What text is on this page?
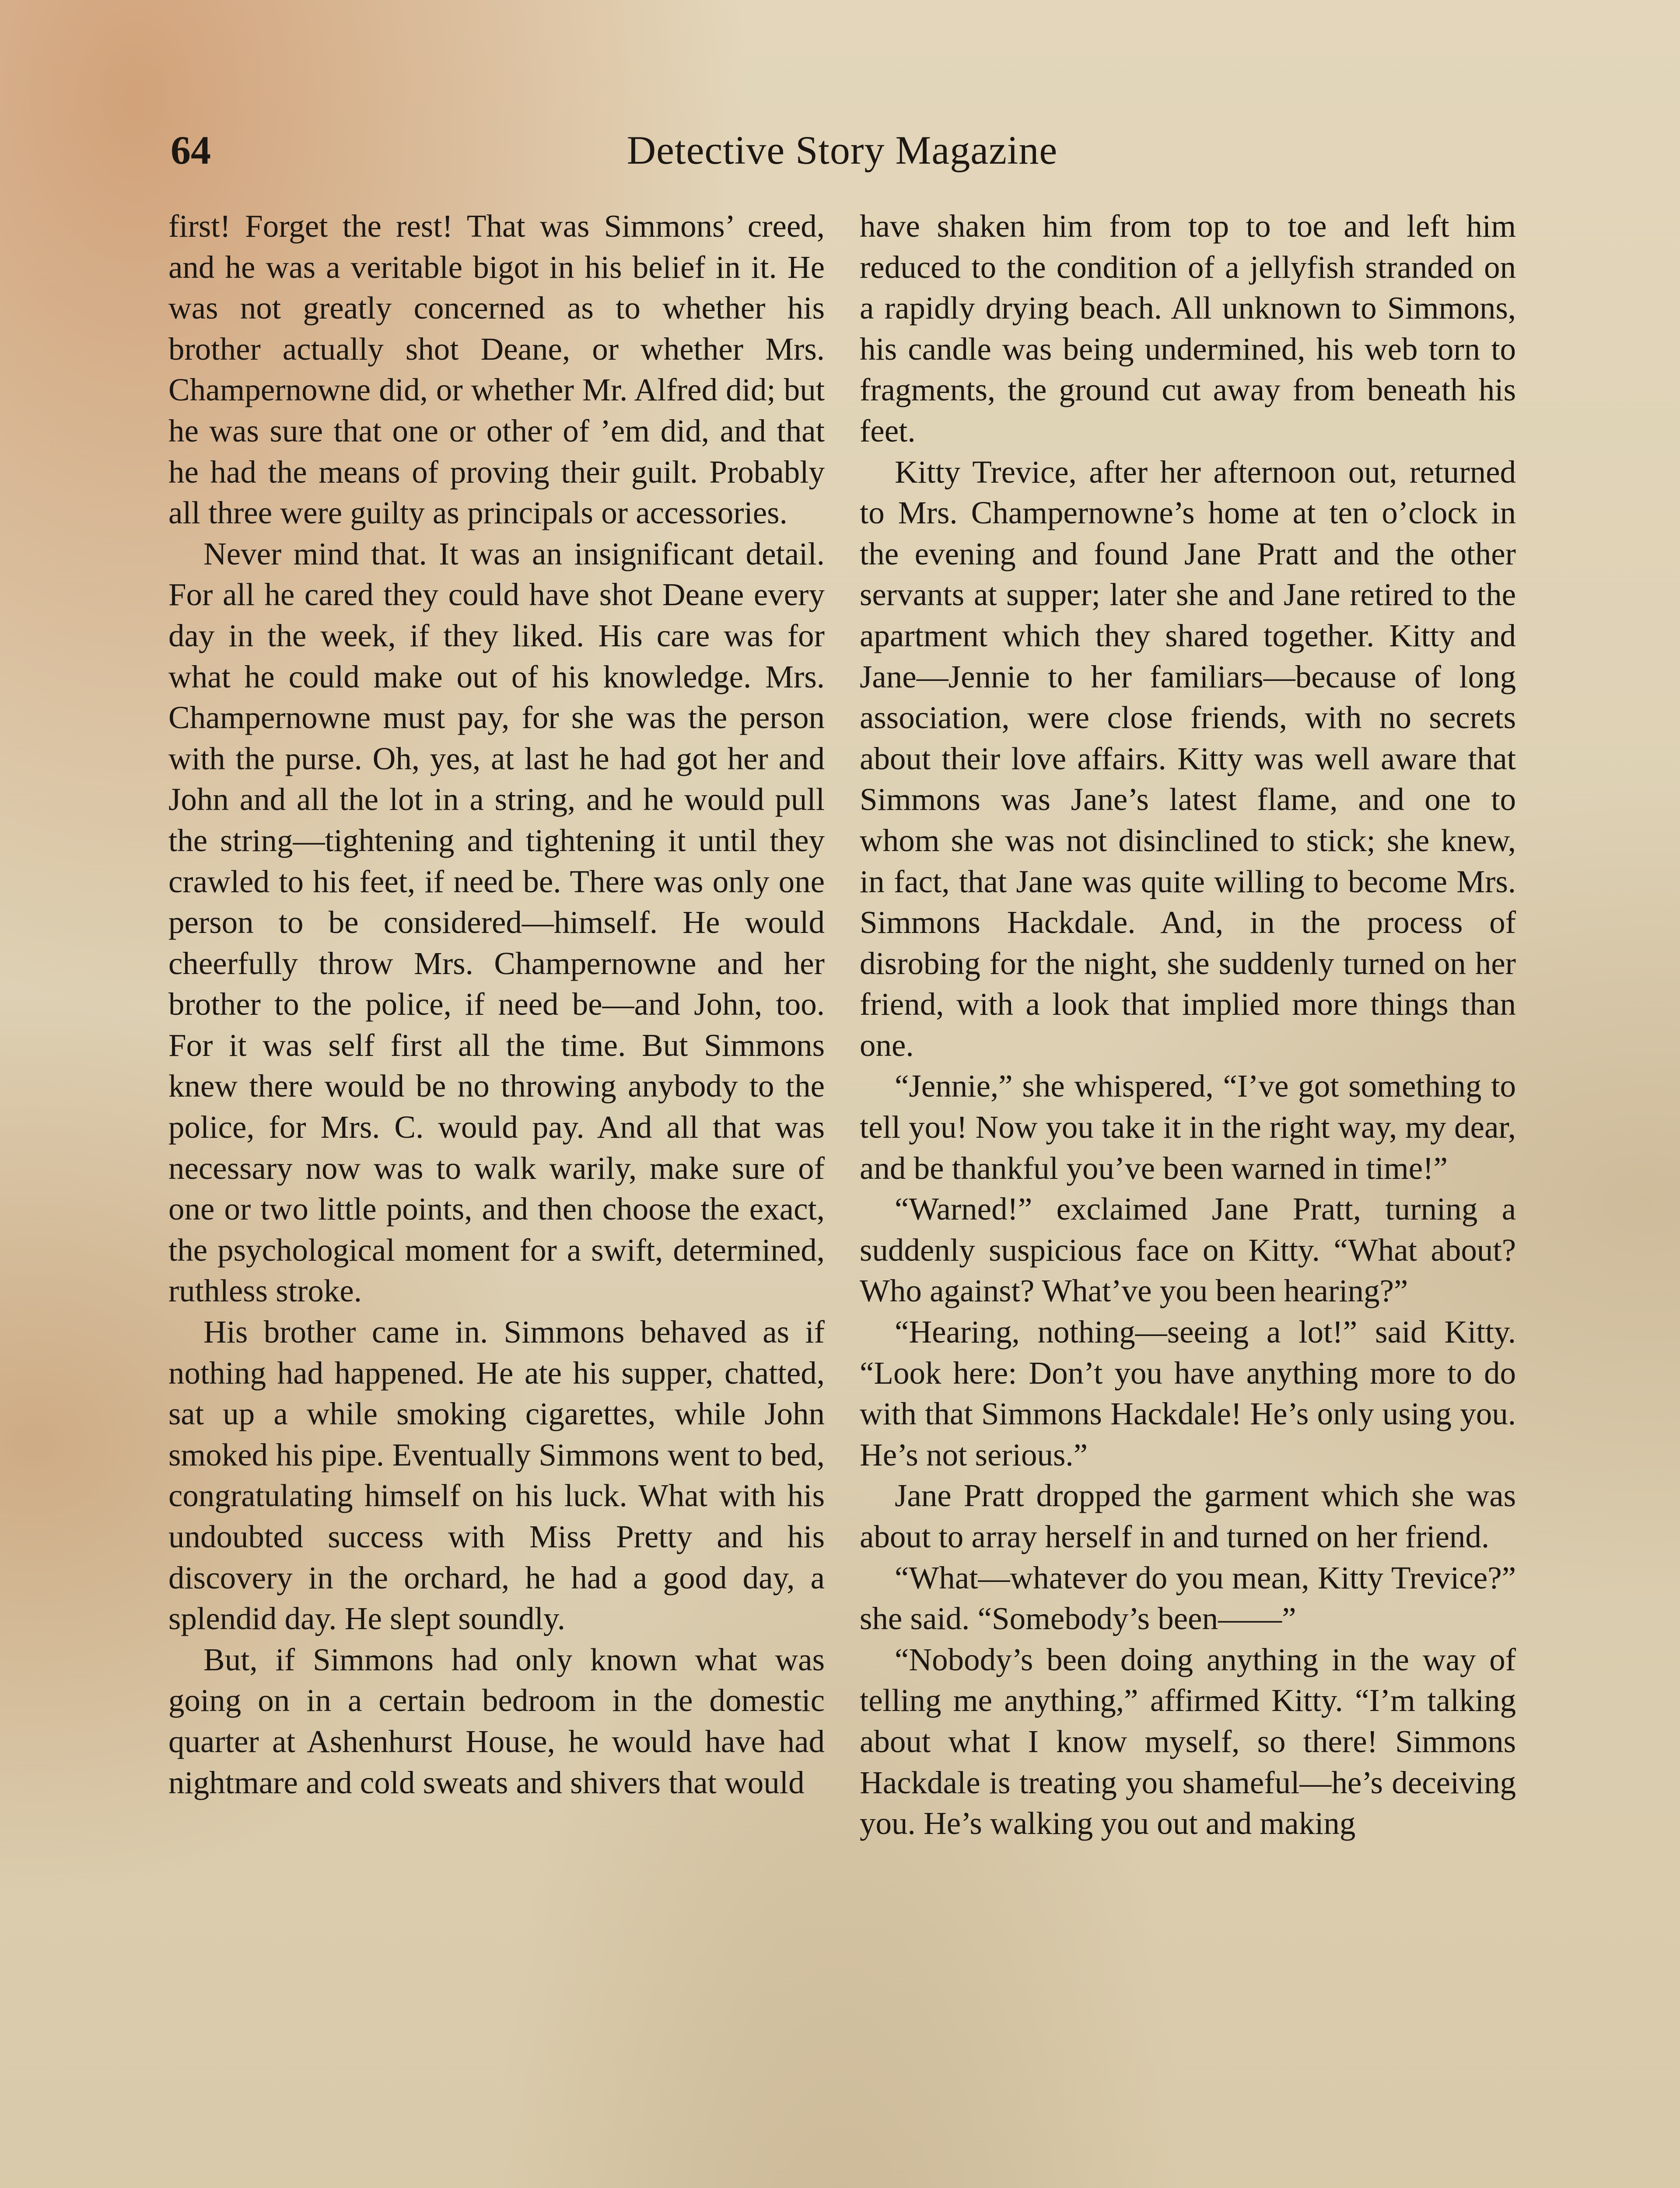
64	Detective Story Magazine

first! Forget the rest! That was Simmons’ creed, and he was a veritable bigot in his belief in it. He was not greatly concerned as to whether his brother actually shot Deane, or whether Mrs. Champernowne did, or whether Mr. Alfred did; but he was sure that one or other of ’em did, and that he had the means of proving their guilt. Probably all three were guilty as principals or accessories.

Never mind that. It was an insignificant detail. For all he cared they could have shot Deane every day in the week, if they liked. His care was for what he could make out of his knowledge. Mrs. Champernowne must pay, for she was the person with the purse. Oh, yes, at last he had got her and John and all the lot in a string, and he would pull the string—tightening and tightening it until they crawled to his feet, if need be. There was only one person to be considered—himself. He would cheerfully throw Mrs. Champernowne and her brother to the police, if need be—and John, too. For it was self first all the time. But Simmons knew there would be no throwing anybody to the police, for Mrs. C. would pay. And all that was necessary now was to walk warily, make sure of one or two little points, and then choose the exact, the psychological moment for a swift, determined, ruthless stroke.

His brother came in. Simmons behaved as if nothing had happened. He ate his supper, chatted, sat up a while smoking cigarettes, while John smoked his pipe. Eventually Simmons went to bed, congratulating himself on his luck. What with his undoubted success with Miss Pretty and his discovery in the orchard, he had a good day, a splendid day. He slept soundly.

But, if Simmons had only known what was going on in a certain bedroom in the domestic quarter at Ashenhurst House, he would have had nightmare and cold sweats and shivers that would

have shaken him from top to toe and left him reduced to the condition of a jellyfish stranded on a rapidly drying beach. All unknown to Simmons, his candle was being undermined, his web torn to fragments, the ground cut away from beneath his feet.

Kitty Trevice, after her afternoon out, returned to Mrs. Champernowne’s home at ten o’clock in the evening and found Jane Pratt and the other servants at supper; later she and Jane retired to the apartment which they shared together. Kitty and Jane—Jennie to her familiars—because of long association, were close friends, with no secrets about their love affairs. Kitty was well aware that Simmons was Jane’s latest flame, and one to whom she was not disinclined to stick; she knew, in fact, that Jane was quite willing to become Mrs. Simmons Hackdale. And, in the process of disrobing for the night, she suddenly turned on her friend, with a look that implied more things than one.

“Jennie,” she whispered, “I’ve got something to tell you! Now you take it in the right way, my dear, and be thankful you’ve been warned in time!”

“Warned!” exclaimed Jane Pratt, turning a suddenly suspicious face on Kitty. “What about? Who against? What’ve you been hearing?”

“Hearing, nothing—seeing a lot!” said Kitty. “Look here: Don’t you have anything more to do with that Simmons Hackdale! He’s only using you. He’s not serious.”

Jane Pratt dropped the garment which she was about to array herself in and turned on her friend.

“What—whatever do you mean, Kitty Trevice?” she said. “Somebody’s been——”

“Nobody’s been doing anything in the way of telling me anything,” affirmed Kitty. “I’m talking about what I know myself, so there! Simmons Hackdale is treating you shameful—he’s deceiving you. He’s walking you out and making
